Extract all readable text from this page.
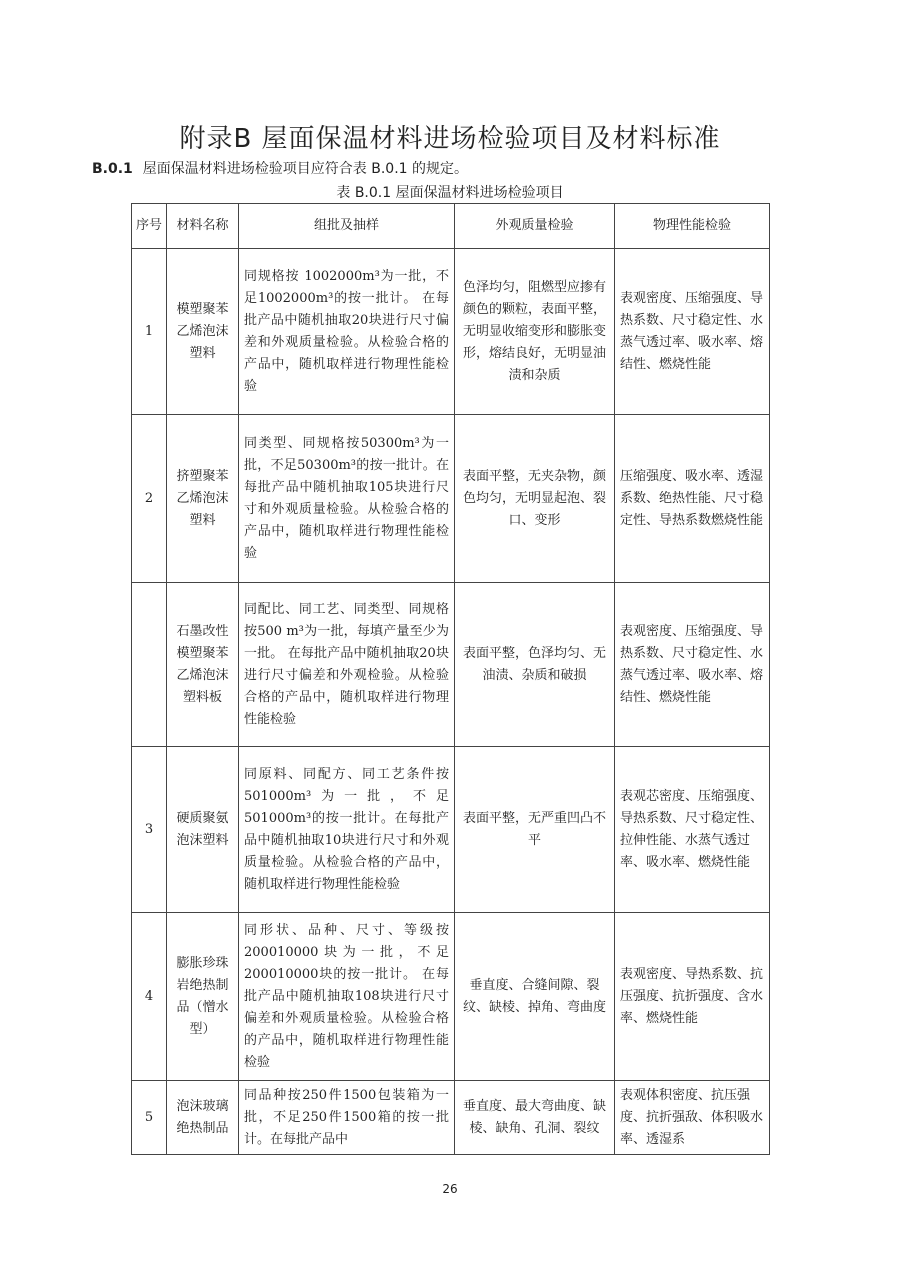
附录B 屋面保温材料进场检验项目及材料标准
B.0.1 屋面保温材料进场检验项目应符合表 B.0.1 的规定。
表 B.0.1 屋面保温材料进场检验项目
序号	材料名称	组批及抽样	外观质量检验	物理性能检验
1	模塑聚苯乙烯泡沫塑料	同规格按 1002000m³为一批，不足1002000m³的按一批计。 在每批产品中随机抽取20块进行尺寸偏差和外观质量检验。从检验合格的产品中，随机取样进行物理性能检验	色泽均匀，阻燃型应掺有颜色的颗粒，表面平整，无明显收缩变形和膨胀变形，熔结良好，无明显油渍和杂质	表观密度、压缩强度、导热系数、尺寸稳定性、水蒸气透过率、吸水率、熔结性、燃烧性能
2	挤塑聚苯乙烯泡沫塑料	同类型、同规格按50300m³为一批，不足50300m³的按一批计。在每批产品中随机抽取105块进行尺寸和外观质量检验。从检验合格的产品中，随机取样进行物理性能检验	表面平整，无夹杂物，颜色均匀，无明显起泡、裂口、变形	压缩强度、吸水率、透湿系数、绝热性能、尺寸稳定性、导热系数燃烧性能
	石墨改性模塑聚苯乙烯泡沫塑料板	同配比、同工艺、同类型、同规格按500 m³为一批，每填产量至少为一批。 在每批产品中随机抽取20块进行尺寸偏差和外观检验。从检验合格的产品中，随机取样进行物理性能检验	表面平整，色泽均匀、无油渍、杂质和破损	表观密度、压缩强度、导热系数、尺寸稳定性、水蒸气透过率、吸水率、熔结性、燃烧性能
3	硬质聚氨泡沫塑料	同原料、同配方、同工艺条件按501000m³为一批，不足501000m³的按一批计。在每批产品中随机抽取10块进行尺寸和外观质量检验。从检验合格的产品中，随机取样进行物理性能检验	表面平整，无严重凹凸不平	表观芯密度、压缩强度、导热系数、尺寸稳定性、拉伸性能、水蒸气透过率、吸水率、燃烧性能
4	膨胀珍珠岩绝热制品（憎水型）	同形状、品种、尺寸、等级按200010000块为一批，不足200010000块的按一批计。 在每批产品中随机抽取108块进行尺寸偏差和外观质量检验。从检验合格的产品中，随机取样进行物理性能检验	垂直度、合缝间隙、裂纹、缺棱、掉角、弯曲度	表观密度、导热系数、抗压强度、抗折强度、含水率、燃烧性能
5	泡沫玻璃绝热制品	同品种按250件1500包装箱为一批，不足250件1500箱的按一批计。在每批产品中	垂直度、最大弯曲度、缺棱、缺角、孔洞、裂纹	表观体积密度、抗压强度、抗折强敌、体积吸水率、透湿系
26
